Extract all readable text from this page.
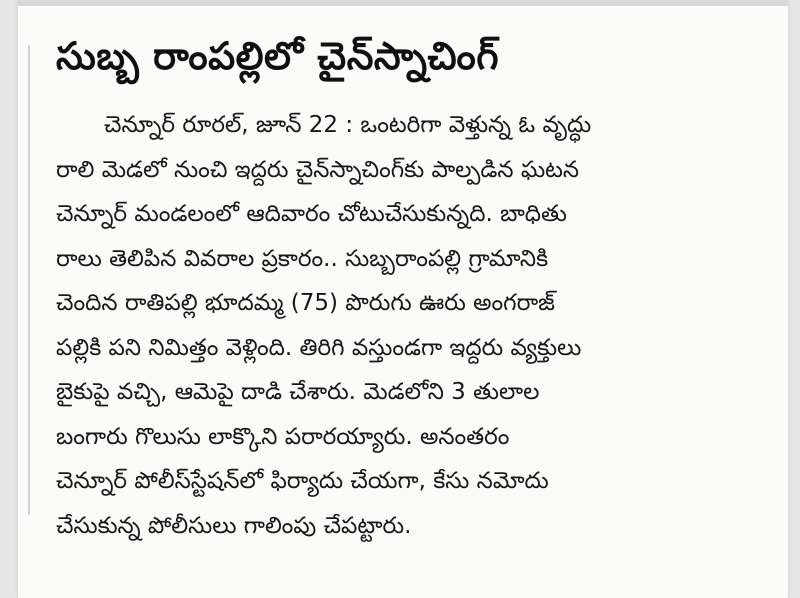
సుబ్బ రాంపల్లిలో చైన్‌స్నాచింగ్
చెన్నూర్‌ రూరల్‌, జూన్‌ 22 : ఒంటరిగా వెళ్తున్న ఓ వృద్ధు
రాలి మెడలో నుంచి ఇద్దరు చైన్‌స్నాచింగ్‌కు పాల్పడిన ఘటన
చెన్నూర్‌ మండలంలో ఆదివారం చోటుచేసుకున్నది. బాధితు
రాలు తెలిపిన వివరాల ప్రకారం.. సుబ్బరాంపల్లి గ్రామానికి
చెందిన రాతిపల్లి భూదమ్మ (75) పొరుగు ఊరు అంగరాజ్‌
పల్లికి పని నిమిత్తం వెళ్లింది. తిరిగి వస్తుండగా ఇద్దరు వ్యక్తులు
బైకుపై వచ్చి, ఆమెపై దాడి చేశారు. మెడలోని 3 తులాల
బంగారు గొలుసు లాక్కొని పరారయ్యారు. అనంతరం
చెన్నూర్‌ పోలీస్‌స్టేషన్‌లో ఫిర్యాదు చేయగా, కేసు నమోదు
చేసుకున్న పోలీసులు గాలింపు చేపట్టారు.
